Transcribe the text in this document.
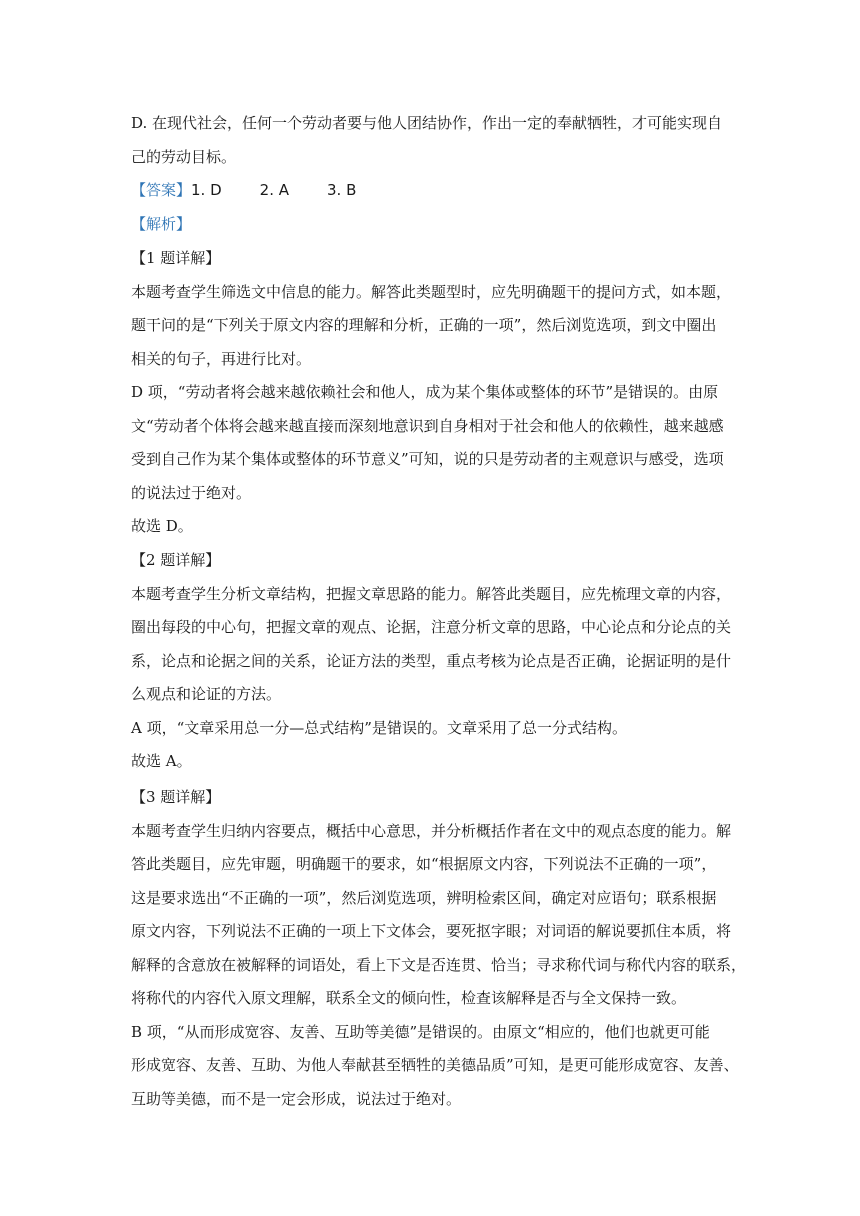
D. 在现代社会，任何一个劳动者要与他人团结协作，作出一定的奉献牺牲，才可能实现自
己的劳动目标。
【答案】1. D	2. A	3. B
【解析】
【1 题详解】
本题考查学生筛选文中信息的能力。解答此类题型时，应先明确题干的提问方式，如本题，
题干问的是“下列关于原文内容的理解和分析，正确的一项”，然后浏览选项，到文中圈出
相关的句子，再进行比对。
D 项，“劳动者将会越来越依赖社会和他人，成为某个集体或整体的环节”是错误的。由原
文“劳动者个体将会越来越直接而深刻地意识到自身相对于社会和他人的依赖性，越来越感
受到自己作为某个集体或整体的环节意义”可知，说的只是劳动者的主观意识与感受，选项
的说法过于绝对。
故选 D。
【2 题详解】
本题考查学生分析文章结构，把握文章思路的能力。解答此类题目，应先梳理文章的内容，
圈出每段的中心句，把握文章的观点、论据，注意分析文章的思路，中心论点和分论点的关
系，论点和论据之间的关系，论证方法的类型，重点考核为论点是否正确，论据证明的是什
么观点和论证的方法。
A 项，“文章采用总一分—总式结构”是错误的。文章采用了总一分式结构。
故选 A。
【3 题详解】
本题考查学生归纳内容要点，概括中心意思，并分析概括作者在文中的观点态度的能力。解
答此类题目，应先审题，明确题干的要求，如“根据原文内容，下列说法不正确的一项”，
这是要求选出“不正确的一项”，然后浏览选项，辨明检索区间，确定对应语句；联系根据
原文内容，下列说法不正确的一项上下文体会，要死抠字眼；对词语的解说要抓住本质，将
解释的含意放在被解释的词语处，看上下文是否连贯、恰当；寻求称代词与称代内容的联系，
将称代的内容代入原文理解，联系全文的倾向性，检查该解释是否与全文保持一致。
B 项，“从而形成宽容、友善、互助等美德”是错误的。由原文“相应的，他们也就更可能
形成宽容、友善、互助、为他人奉献甚至牺牲的美德品质”可知，是更可能形成宽容、友善、
互助等美德，而不是一定会形成，说法过于绝对。
